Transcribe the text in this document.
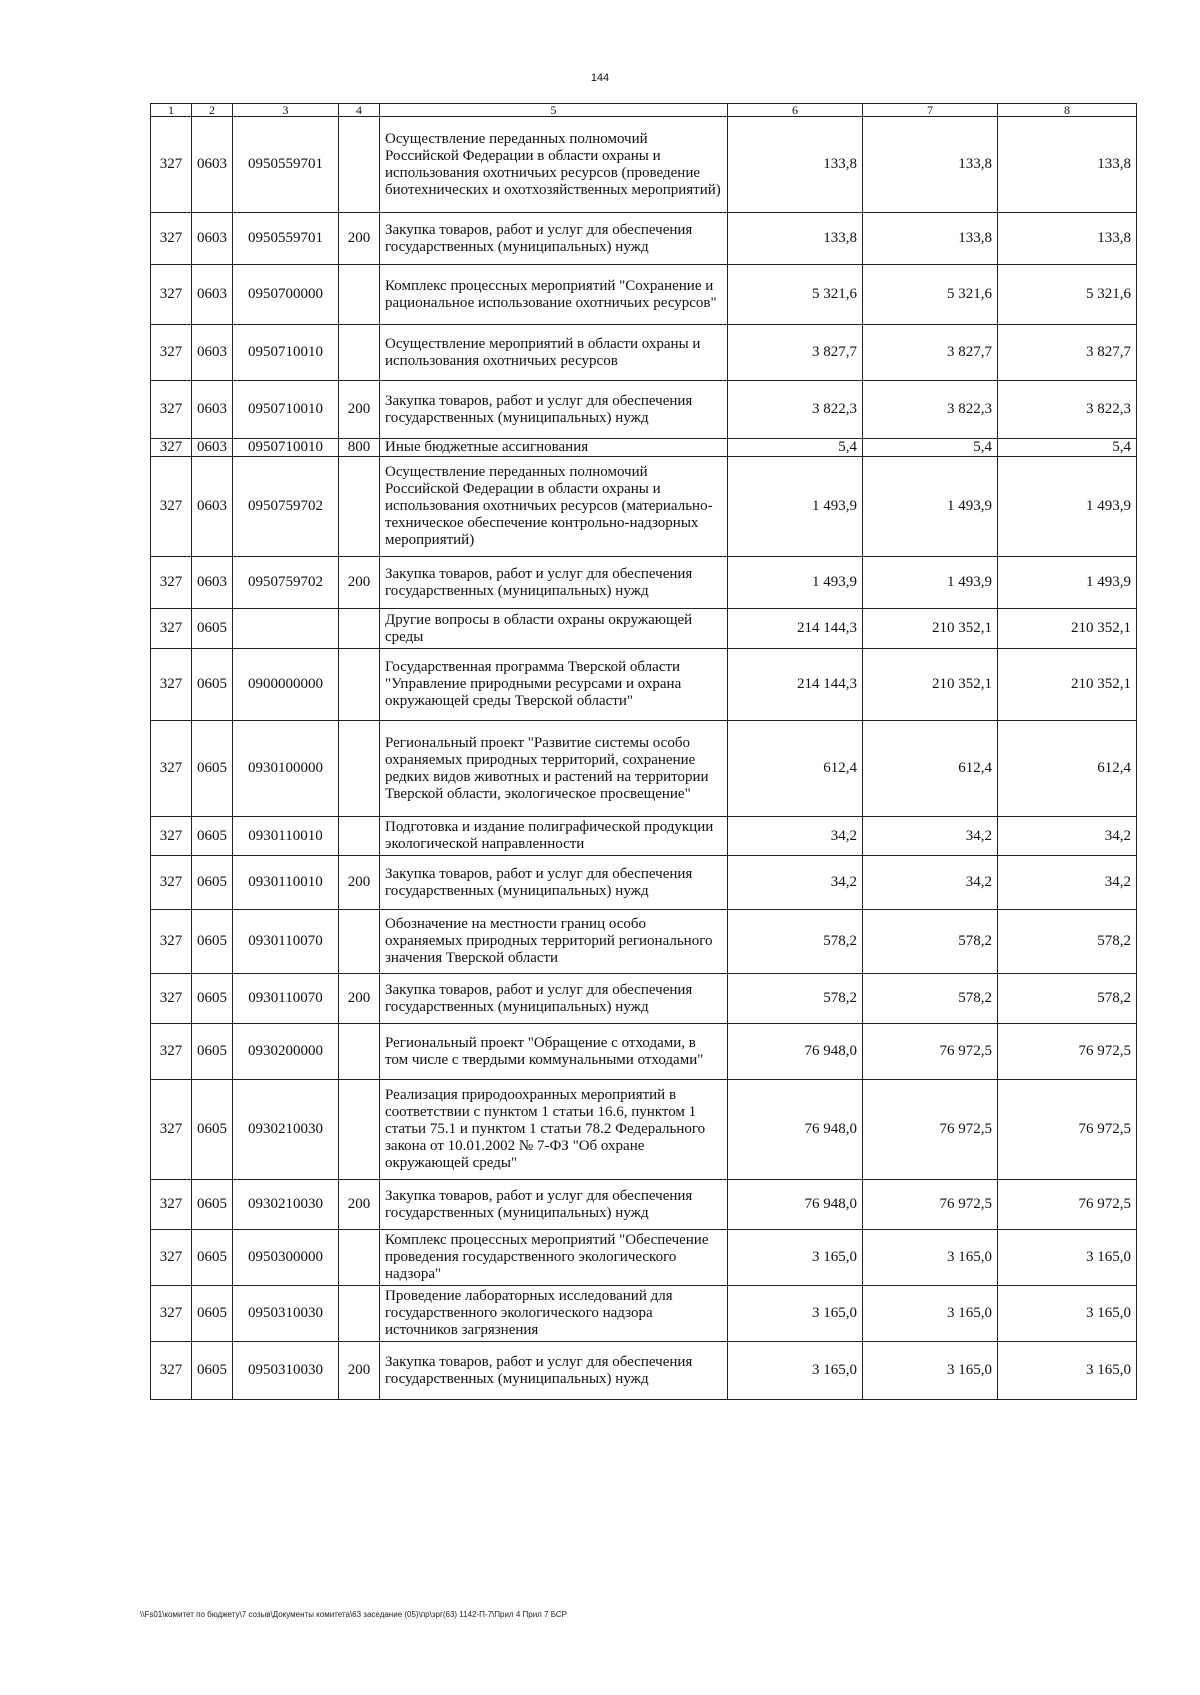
144
1	2	3	4	5	6	7	8
327	0603	0950559701		Осуществление переданных полномочий Российской Федерации в области охраны и использования охотничьих ресурсов (проведение биотехнических и охотхозяйственных мероприятий)	133,8	133,8	133,8
327	0603	0950559701	200	Закупка товаров, работ и услуг для обеспечения государственных (муниципальных) нужд	133,8	133,8	133,8
327	0603	0950700000		Комплекс процессных мероприятий "Сохранение и рациональное использование охотничьих ресурсов"	5 321,6	5 321,6	5 321,6
327	0603	0950710010		Осуществление мероприятий в области охраны и использования охотничьих ресурсов	3 827,7	3 827,7	3 827,7
327	0603	0950710010	200	Закупка товаров, работ и услуг для обеспечения государственных (муниципальных) нужд	3 822,3	3 822,3	3 822,3
327	0603	0950710010	800	Иные бюджетные ассигнования	5,4	5,4	5,4
327	0603	0950759702		Осуществление переданных полномочий Российской Федерации в области охраны и использования охотничьих ресурсов (материально-техническое обеспечение контрольно-надзорных мероприятий)	1 493,9	1 493,9	1 493,9
327	0603	0950759702	200	Закупка товаров, работ и услуг для обеспечения государственных (муниципальных) нужд	1 493,9	1 493,9	1 493,9
327	0605			Другие вопросы в области охраны окружающей среды	214 144,3	210 352,1	210 352,1
327	0605	0900000000		Государственная программа Тверской области "Управление природными ресурсами и охрана окружающей среды Тверской области"	214 144,3	210 352,1	210 352,1
327	0605	0930100000		Региональный проект "Развитие системы особо охраняемых природных территорий, сохранение редких видов животных и растений на территории Тверской области, экологическое просвещение"	612,4	612,4	612,4
327	0605	0930110010		Подготовка и издание полиграфической продукции экологической направленности	34,2	34,2	34,2
327	0605	0930110010	200	Закупка товаров, работ и услуг для обеспечения государственных (муниципальных) нужд	34,2	34,2	34,2
327	0605	0930110070		Обозначение на местности границ особо охраняемых природных территорий регионального значения Тверской области	578,2	578,2	578,2
327	0605	0930110070	200	Закупка товаров, работ и услуг для обеспечения государственных (муниципальных) нужд	578,2	578,2	578,2
327	0605	0930200000		Региональный проект "Обращение с отходами, в том числе с твердыми коммунальными отходами"	76 948,0	76 972,5	76 972,5
327	0605	0930210030		Реализация природоохранных мероприятий в соответствии с пунктом 1 статьи 16.6, пунктом 1 статьи 75.1 и пунктом 1 статьи 78.2 Федерального закона от 10.01.2002 № 7-ФЗ "Об охране окружающей среды"	76 948,0	76 972,5	76 972,5
327	0605	0930210030	200	Закупка товаров, работ и услуг для обеспечения государственных (муниципальных) нужд	76 948,0	76 972,5	76 972,5
327	0605	0950300000		Комплекс процессных мероприятий "Обеспечение проведения государственного экологического надзора"	3 165,0	3 165,0	3 165,0
327	0605	0950310030		Проведение лабораторных исследований для государственного экологического надзора источников загрязнения	3 165,0	3 165,0	3 165,0
327	0605	0950310030	200	Закупка товаров, работ и услуг для обеспечения государственных (муниципальных) нужд	3 165,0	3 165,0	3 165,0
\\Fs01\комитет по бюджету\7 созыв\Документы комитета\63 заседание (05)\пр\зрг(63) 1142-П-7\Прил 4 Прил 7 БСР
